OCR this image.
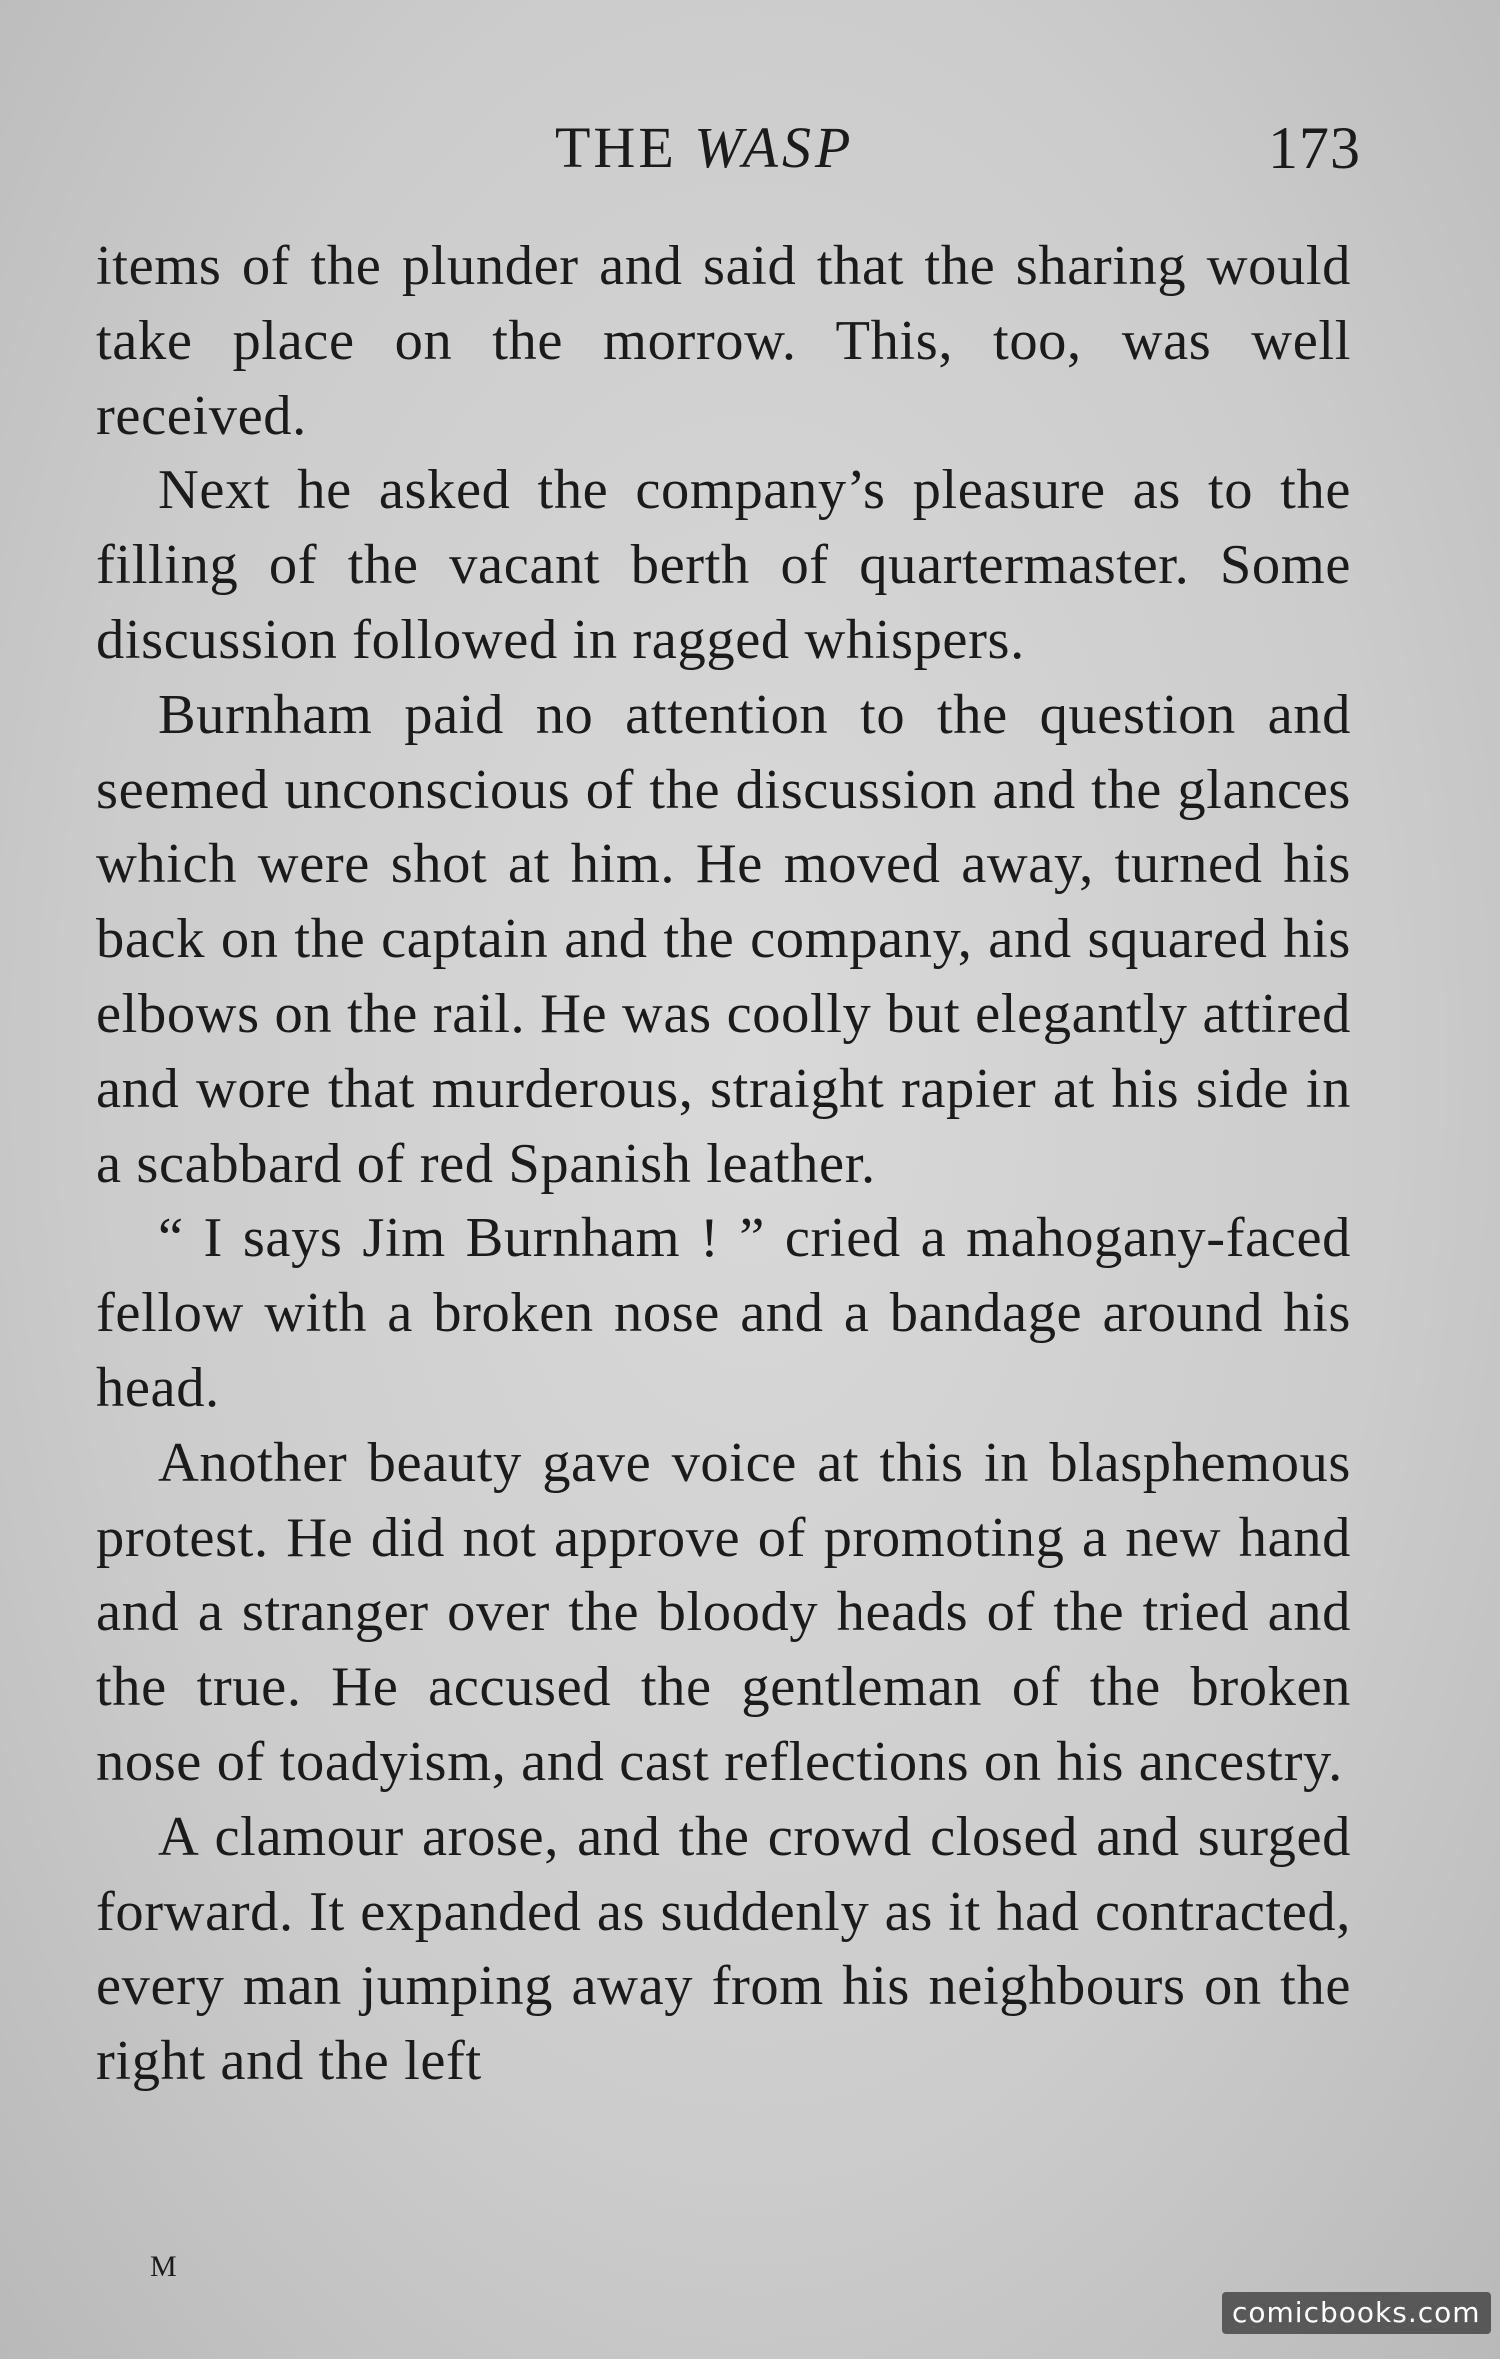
THE WASP	173

items of the plunder and said that the sharing would take place on the morrow. This, too, was well received.

Next he asked the company’s pleasure as to the filling of the vacant berth of quartermaster. Some discussion followed in ragged whispers.

Burnham paid no attention to the question and seemed unconscious of the discussion and the glances which were shot at him. He moved away, turned his back on the captain and the company, and squared his elbows on the rail. He was coolly but elegantly attired and wore that murderous, straight rapier at his side in a scabbard of red Spanish leather.

“ I says Jim Burnham ! ” cried a mahogany-faced fellow with a broken nose and a bandage around his head.

Another beauty gave voice at this in blasphemous protest. He did not approve of promoting a new hand and a stranger over the bloody heads of the tried and the true. He accused the gentleman of the broken nose of toadyism, and cast reflections on his ancestry.

A clamour arose, and the crowd closed and surged forward. It expanded as suddenly as it had contracted, every man jumping away from his neighbours on the right and the left

M
comicbooks.com
